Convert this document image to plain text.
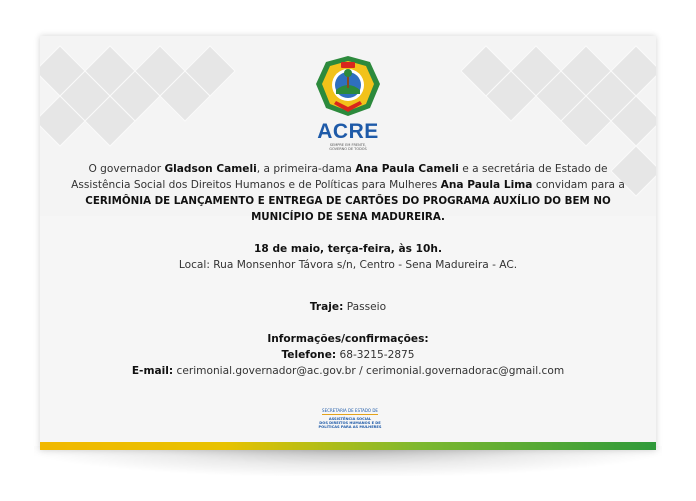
ACRE
SEMPRE EM FRENTE,
GOVERNO DE TODOS
O governador Gladson Cameli, a primeira-dama Ana Paula Cameli e a secretária de Estado de
Assistência Social dos Direitos Humanos e de Políticas para Mulheres Ana Paula Lima convidam para a
CERIMÔNIA DE LANÇAMENTO E ENTREGA DE CARTÕES DO PROGRAMA AUXÍLIO DO BEM NO
MUNICÍPIO DE SENA MADUREIRA.
18 de maio, terça-feira, às 10h.
Local: Rua Monsenhor Távora s/n, Centro - Sena Madureira - AC.
Traje: Passeio
Informações/confirmações:
Telefone: 68-3215-2875
E-mail: cerimonial.governador@ac.gov.br / cerimonial.governadorac@gmail.com
SECRETARIA DE ESTADO DE
ASSISTÊNCIA SOCIAL
DOS DIREITOS HUMANOS E DE
POLÍTICAS PARA AS MULHERES
